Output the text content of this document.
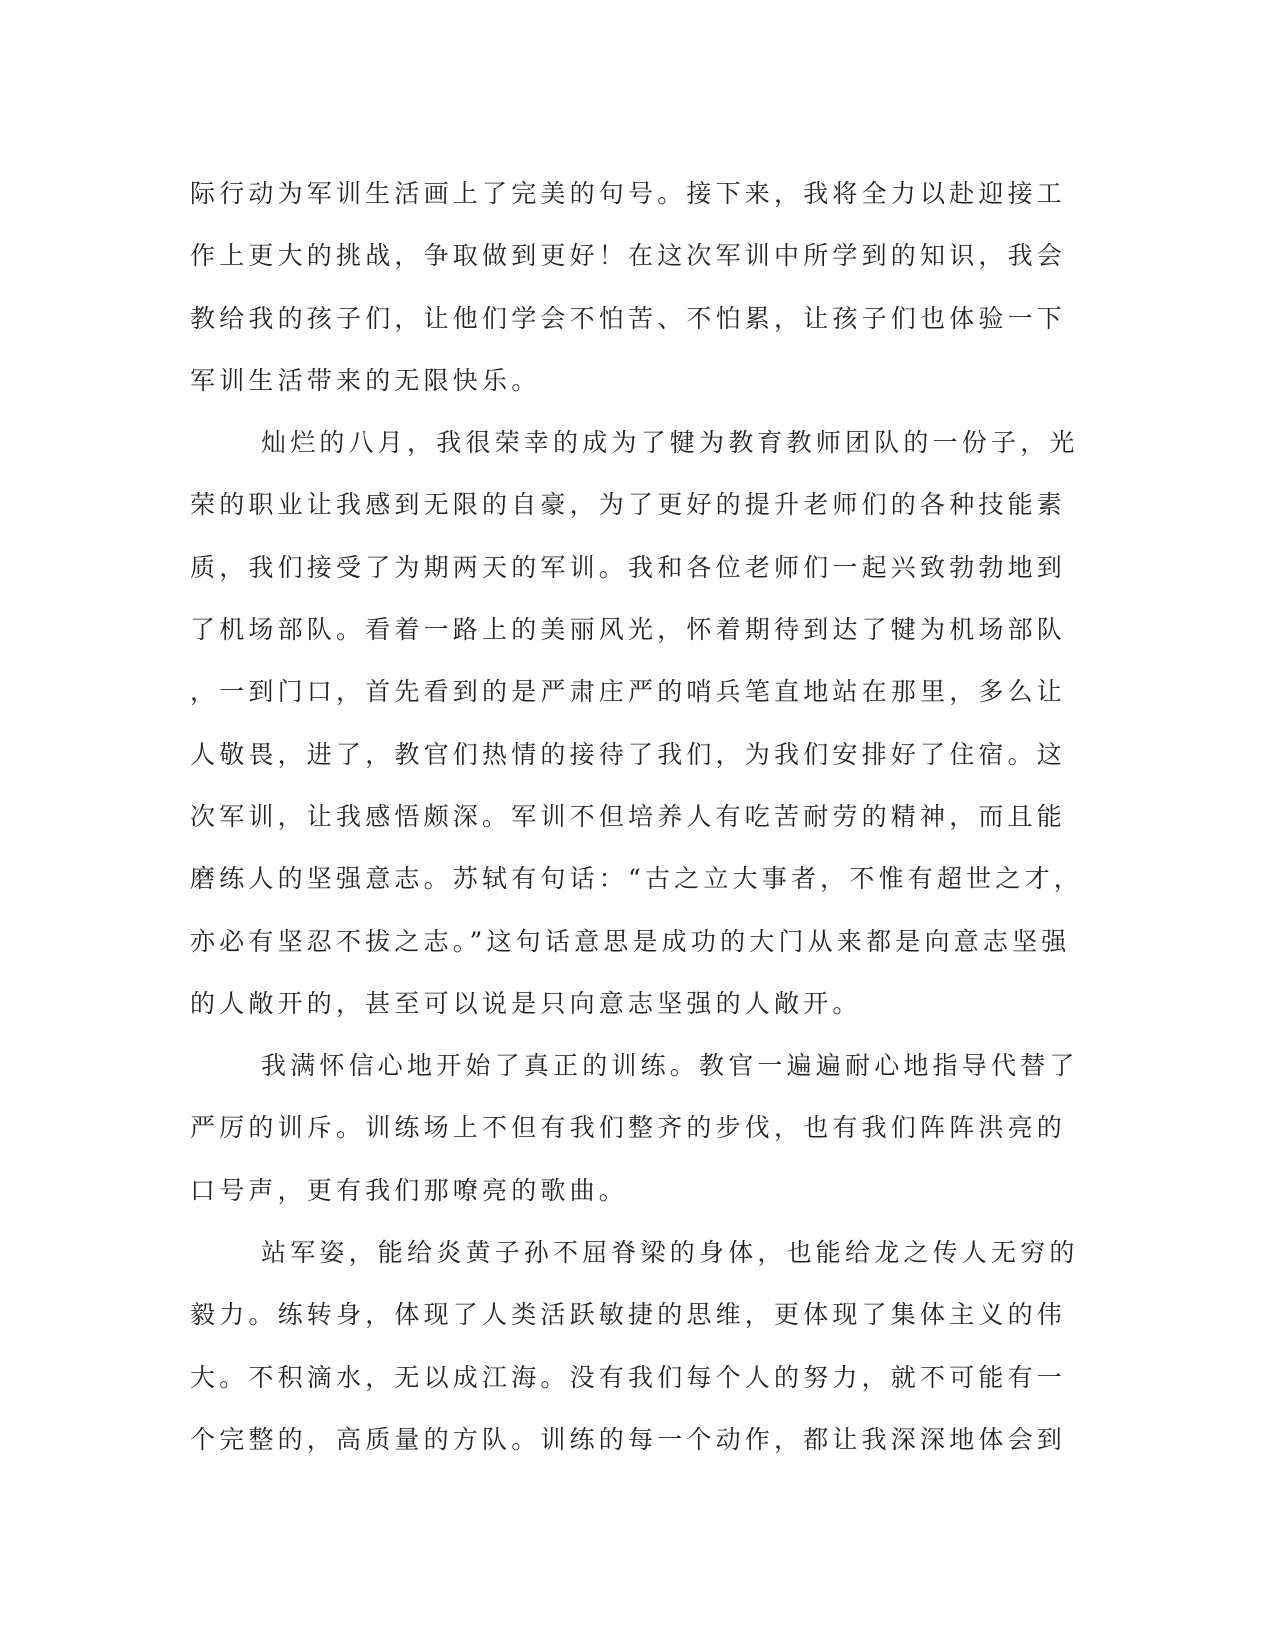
际行动为军训生活画上了完美的句号。接下来，我将全力以赴迎接工
作上更大的挑战，争取做到更好！在这次军训中所学到的知识，我会
教给我的孩子们，让他们学会不怕苦、不怕累，让孩子们也体验一下
军训生活带来的无限快乐。
灿烂的八月，我很荣幸的成为了犍为教育教师团队的一份子，光
荣的职业让我感到无限的自豪，为了更好的提升老师们的各种技能素
质，我们接受了为期两天的军训。我和各位老师们一起兴致勃勃地到
了机场部队。看着一路上的美丽风光，怀着期待到达了犍为机场部队
，一到门口，首先看到的是严肃庄严的哨兵笔直地站在那里，多么让
人敬畏，进了，教官们热情的接待了我们，为我们安排好了住宿。这
次军训，让我感悟颇深。军训不但培养人有吃苦耐劳的精神，而且能
磨练人的坚强意志。苏轼有句话：“古之立大事者，不惟有超世之才，
亦必有坚忍不拔之志。”这句话意思是成功的大门从来都是向意志坚强
的人敞开的，甚至可以说是只向意志坚强的人敞开。
我满怀信心地开始了真正的训练。教官一遍遍耐心地指导代替了
严厉的训斥。训练场上不但有我们整齐的步伐，也有我们阵阵洪亮的
口号声，更有我们那嘹亮的歌曲。
站军姿，能给炎黄子孙不屈脊梁的身体，也能给龙之传人无穷的
毅力。练转身，体现了人类活跃敏捷的思维，更体现了集体主义的伟
大。不积滴水，无以成江海。没有我们每个人的努力，就不可能有一
个完整的，高质量的方队。训练的每一个动作，都让我深深地体会到
